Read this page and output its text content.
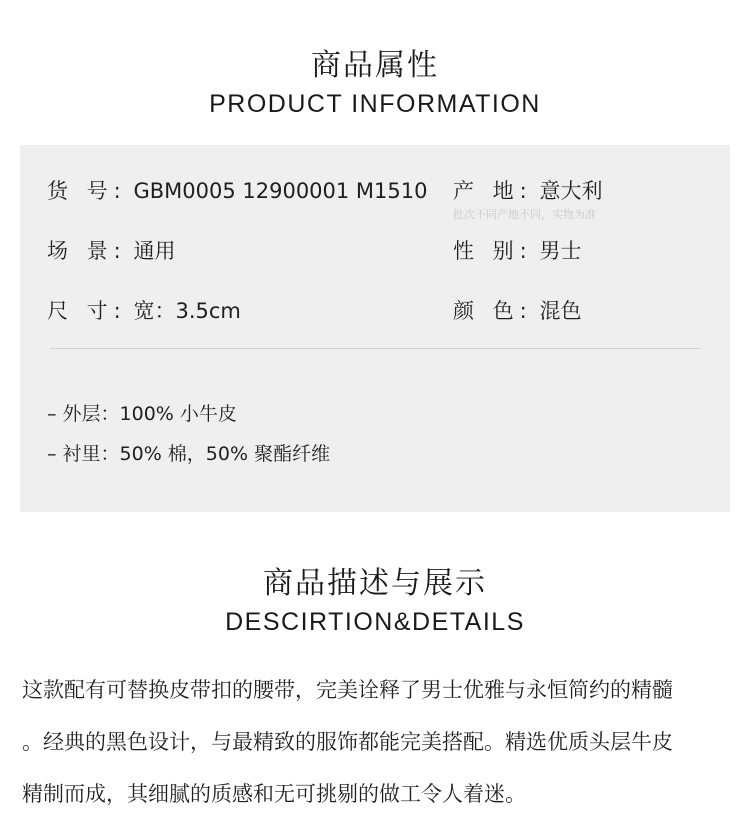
商品属性
PRODUCT INFORMATION
货 号: GBM0005 12900001 M1510 产 地: 意大利
批次不同产地不同，实物为准
场 景: 通用	性 别: 男士
尺 寸: 宽：3.5cm	颜 色: 混色
– 外层：100% 小牛皮
– 衬里：50% 棉，50% 聚酯纤维
商品描述与展示
DESCIRTION&DETAILS
这款配有可替换皮带扣的腰带，完美诠释了男士优雅与永恒简约的精髓
。经典的黑色设计，与最精致的服饰都能完美搭配。精选优质头层牛皮
精制而成，其细腻的质感和无可挑剔的做工令人着迷。
